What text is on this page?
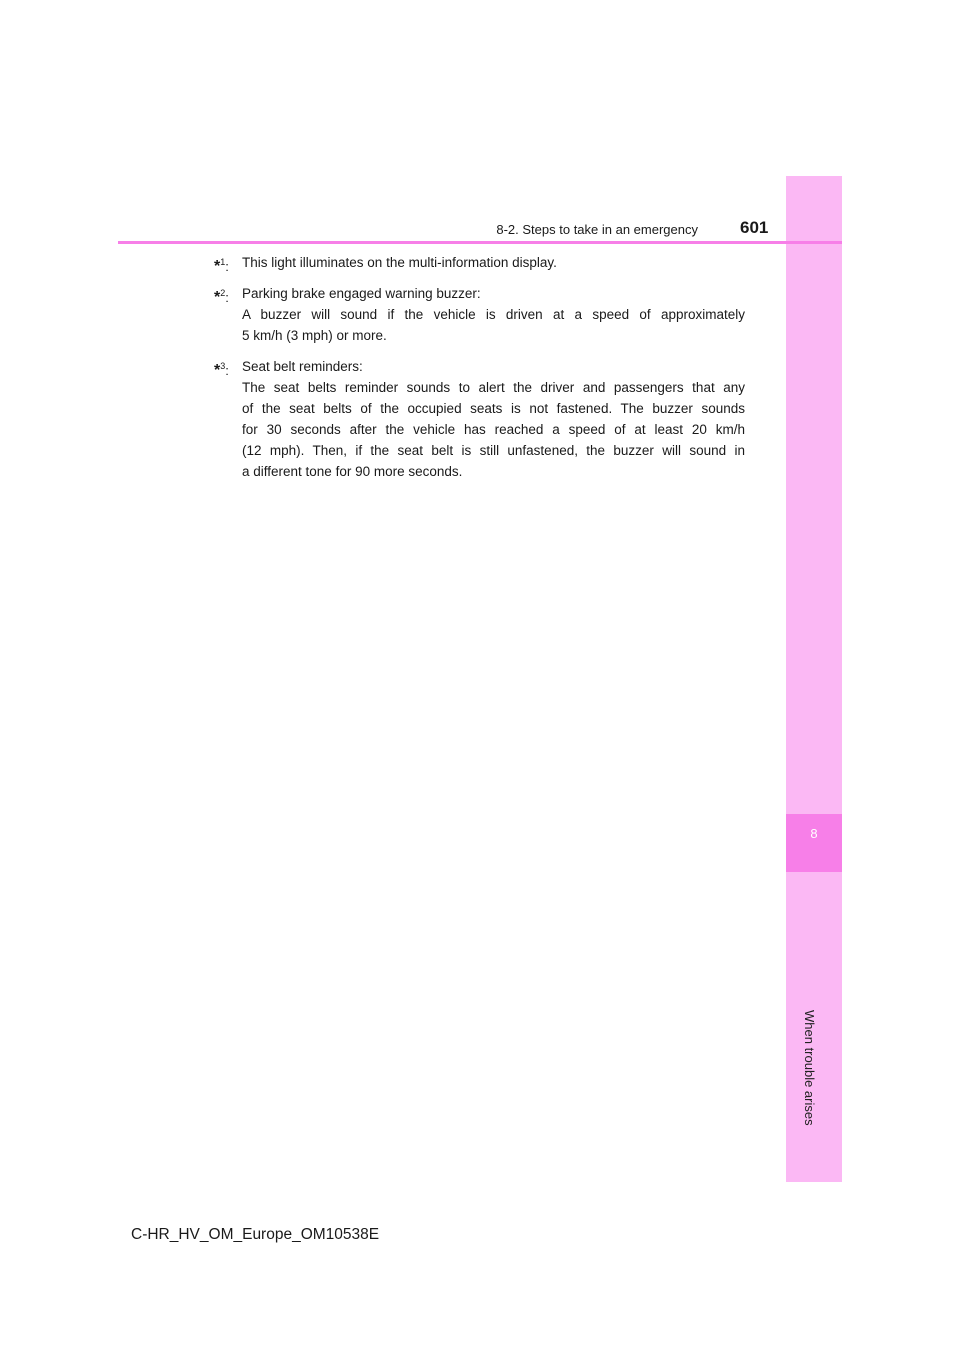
8
When trouble arises
8-2. Steps to take in an emergency 601
*$^1$: This light illuminates on the multi-information display.
*$^2$: Parking brake engaged warning buzzer:
A buzzer will sound if the vehicle is driven at a speed of approximately
5 km/h (3 mph) or more.
*$^3$: Seat belt reminders:
The seat belts reminder sounds to alert the driver and passengers that any
of the seat belts of the occupied seats is not fastened. The buzzer sounds
for 30 seconds after the vehicle has reached a speed of at least 20 km/h
(12 mph). Then, if the seat belt is still unfastened, the buzzer will sound in
a different tone for 90 more seconds.
C-HR_HV_OM_Europe_OM10538E
